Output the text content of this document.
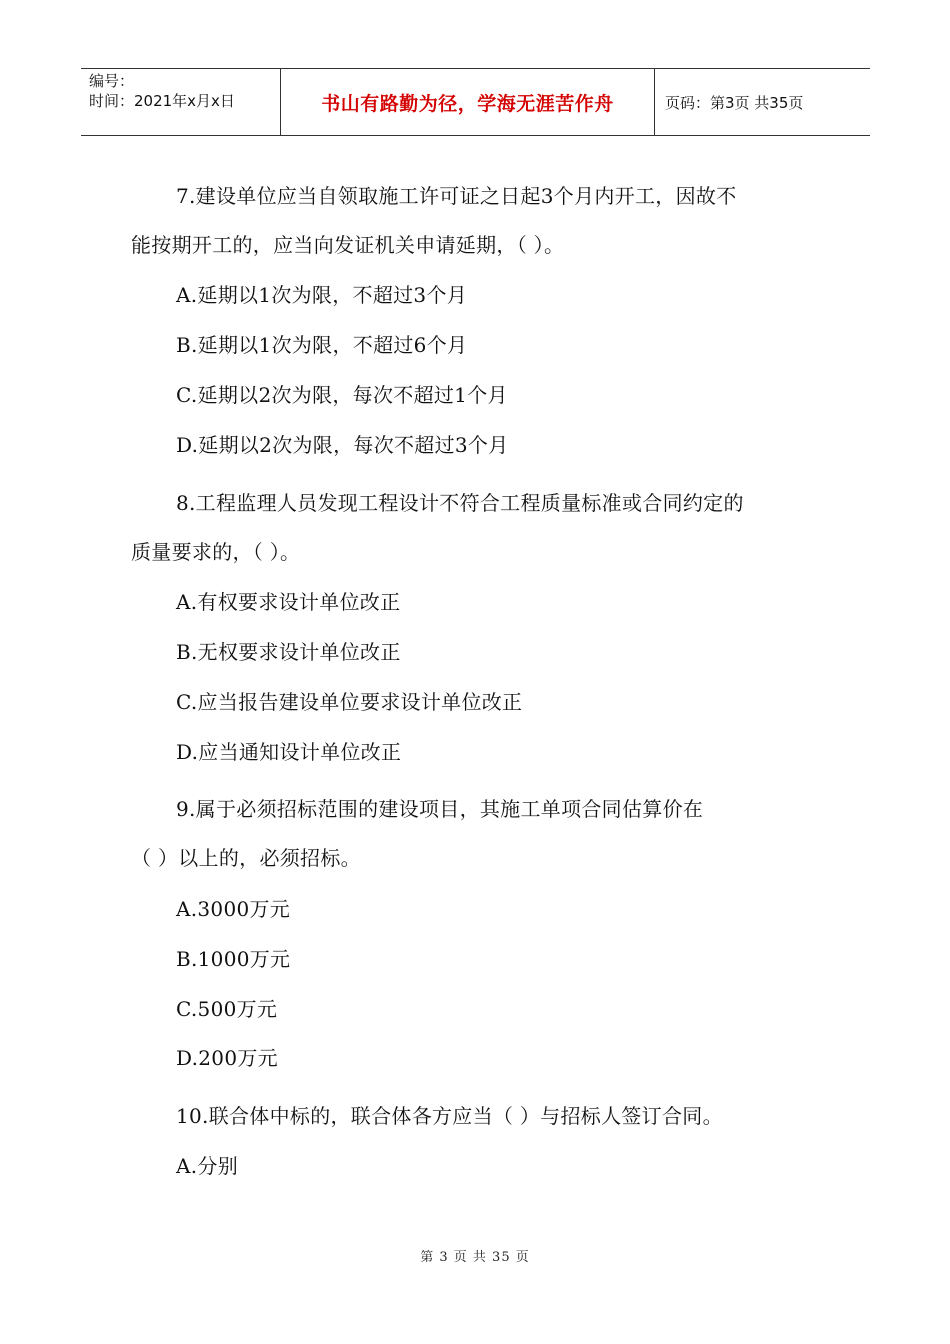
编号：
时间：2021年x月x日	书山有路勤为径，学海无涯苦作舟	页码：第3页 共35页
7.建设单位应当自领取施工许可证之日起3个月内开工，因故不
能按期开工的，应当向发证机关申请延期，（ ）。
A.延期以1次为限，不超过3个月
B.延期以1次为限，不超过6个月
C.延期以2次为限，每次不超过1个月
D.延期以2次为限，每次不超过3个月
8.工程监理人员发现工程设计不符合工程质量标准或合同约定的
质量要求的，（ ）。
A.有权要求设计单位改正
B.无权要求设计单位改正
C.应当报告建设单位要求设计单位改正
D.应当通知设计单位改正
9.属于必须招标范围的建设项目，其施工单项合同估算价在
（ ）以上的，必须招标。
A.3000万元
B.1000万元
C.500万元
D.200万元
10.联合体中标的，联合体各方应当（ ）与招标人签订合同。
A.分别
第 3 页 共 35 页
